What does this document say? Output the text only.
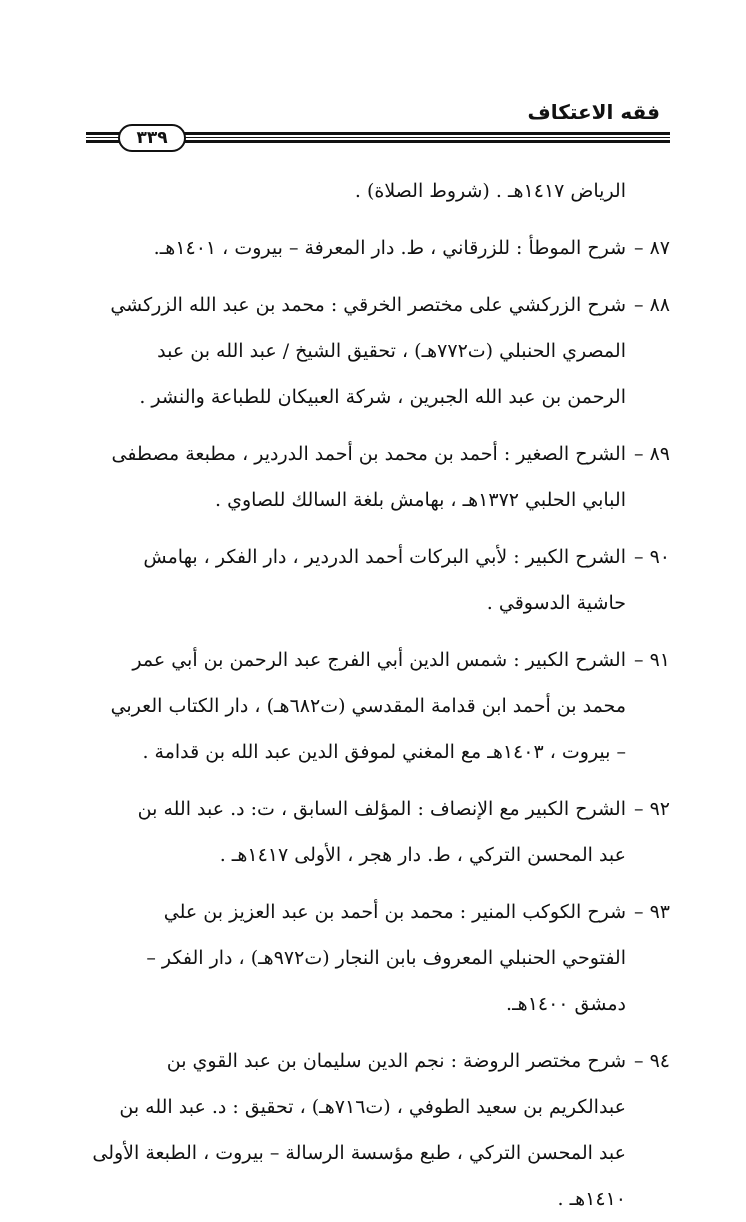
فقه الاعتكاف
٣٣٩
الرياض ١٤١٧هـ . (شروط الصلاة) .
٨٧ –شرح الموطأ : للزرقاني ، ط. دار المعرفة – بيروت ، ١٤٠١هـ.
٨٨ –شرح الزركشي على مختصر الخرقي : محمد بن عبد الله الزركشي
المصري الحنبلي (ت٧٧٢هـ) ، تحقيق الشيخ / عبد الله بن عبد
الرحمن بن عبد الله الجبرين ، شركة العبيكان للطباعة والنشر .
٨٩ –الشرح الصغير : أحمد بن محمد بن أحمد الدردير ، مطبعة مصطفى
البابي الحلبي ١٣٧٢هـ ، بهامش بلغة السالك للصاوي .
٩٠ –الشرح الكبير : لأبي البركات أحمد الدردير ، دار الفكر ، بهامش
حاشية الدسوقي .
٩١ –الشرح الكبير : شمس الدين أبي الفرج عبد الرحمن بن أبي عمر
محمد بن أحمد ابن قدامة المقدسي (ت٦٨٢هـ) ، دار الكتاب العربي
– بيروت ، ١٤٠٣هـ مع المغني لموفق الدين عبد الله بن قدامة .
٩٢ –الشرح الكبير مع الإنصاف : المؤلف السابق ، ت: د. عبد الله بن
عبد المحسن التركي ، ط. دار هجر ، الأولى ١٤١٧هـ .
٩٣ –شرح الكوكب المنير : محمد بن أحمد بن عبد العزيز بن علي
الفتوحي الحنبلي المعروف بابن النجار (ت٩٧٢هـ) ، دار الفكر –
دمشق ١٤٠٠هـ.
٩٤ –شرح مختصر الروضة : نجم الدين سليمان بن عبد القوي بن
عبدالكريم بن سعيد الطوفي ، (ت٧١٦هـ) ، تحقيق : د. عبد الله بن
عبد المحسن التركي ، طبع مؤسسة الرسالة – بيروت ، الطبعة الأولى
١٤١٠هـ .
